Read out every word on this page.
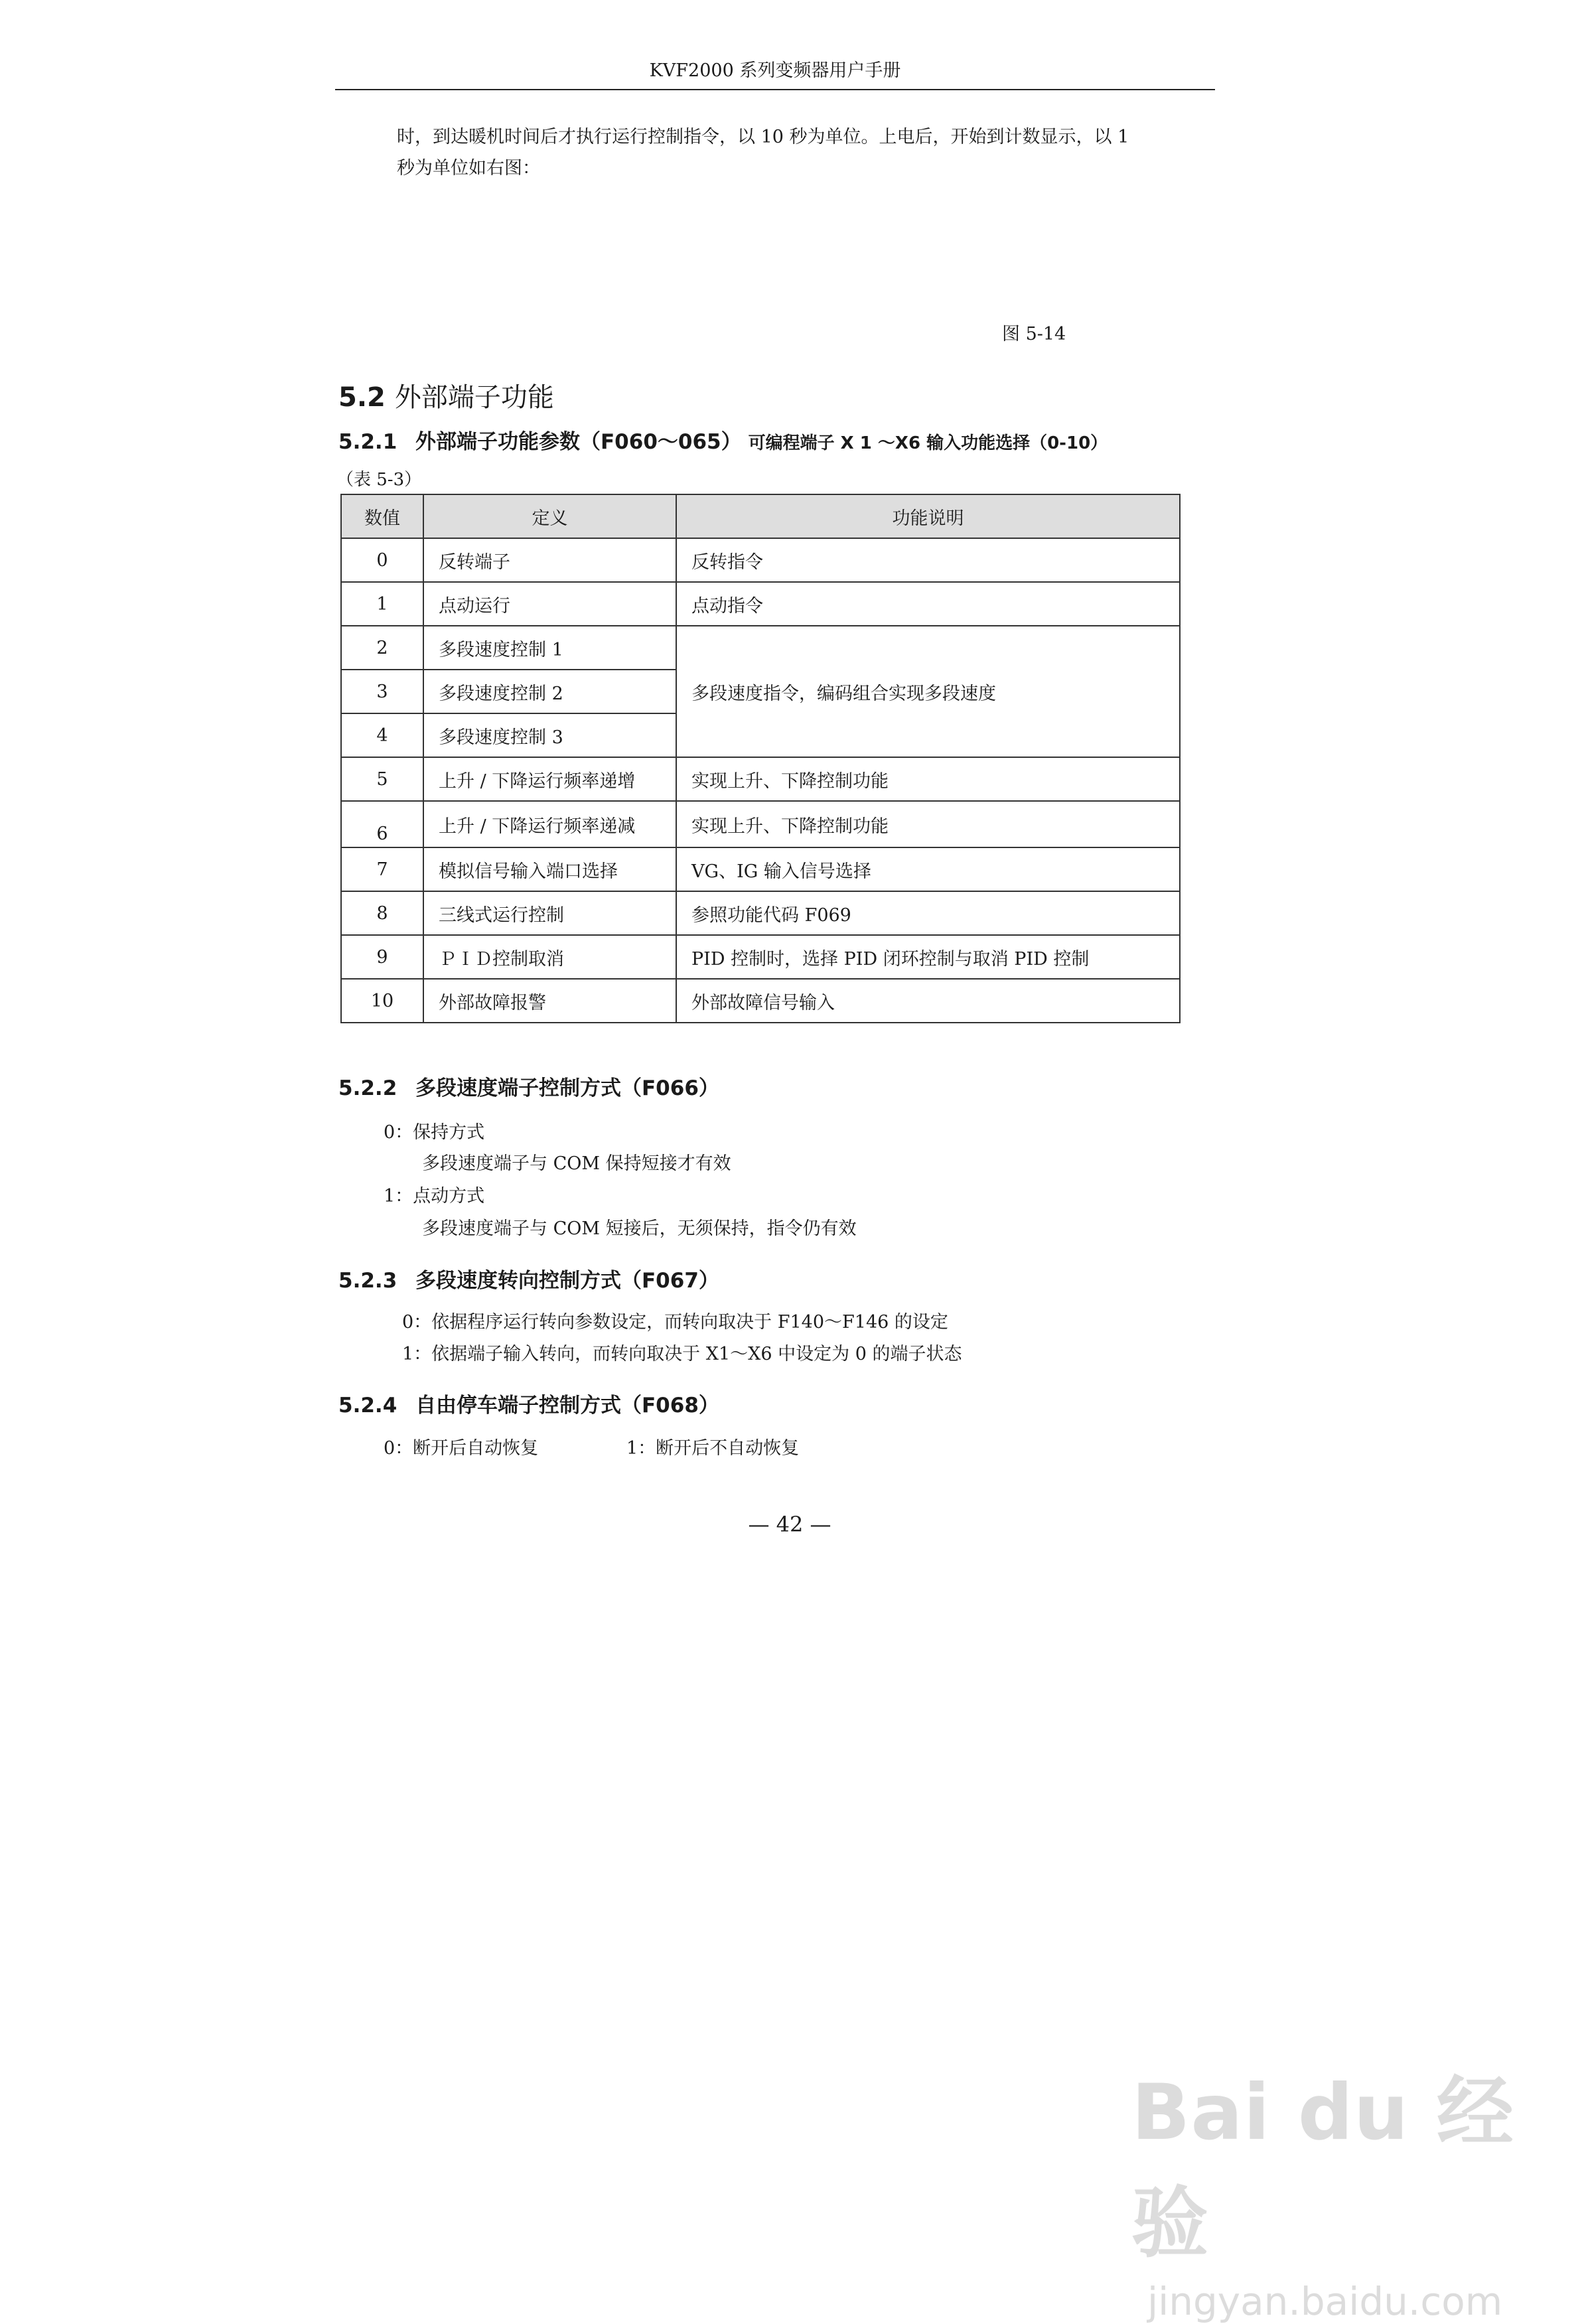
KVF2000 系列变频器用户手册
时，到达暖机时间后才执行运行控制指令，以 10 秒为单位。上电后，开始到计数显示，以 1
秒为单位如右图：
图 5-14
5.2 外部端子功能
5.2.1 外部端子功能参数（F060～065） 可编程端子 X 1 ～X6 输入功能选择（0-10）
（表 5-3）
数值	定义	功能说明
0	反转端子	反转指令
1	点动运行	点动指令
2	多段速度控制 1	多段速度指令，编码组合实现多段速度
3	多段速度控制 2	
4	多段速度控制 3	
5	上升 / 下降运行频率递增	实现上升、下降控制功能
6	上升 / 下降运行频率递减	实现上升、下降控制功能
7	模拟信号输入端口选择	VG、IG 输入信号选择
8	三线式运行控制	参照功能代码 F069
9	ＰＩＤ控制取消	PID 控制时，选择 PID 闭环控制与取消 PID 控制
10	外部故障报警	外部故障信号输入
5.2.2 多段速度端子控制方式（F066）
0：保持方式
多段速度端子与 COM 保持短接才有效
1：点动方式
多段速度端子与 COM 短接后，无须保持，指令仍有效
5.2.3 多段速度转向控制方式（F067）
0：依据程序运行转向参数设定，而转向取决于 F140～F146 的设定
1：依据端子输入转向，而转向取决于 X1～X6 中设定为 0 的端子状态
5.2.4 自由停车端子控制方式（F068）
0：断开后自动恢复	1：断开后不自动恢复
— 42 —
Bai du 经验
jingyan.baidu.com
